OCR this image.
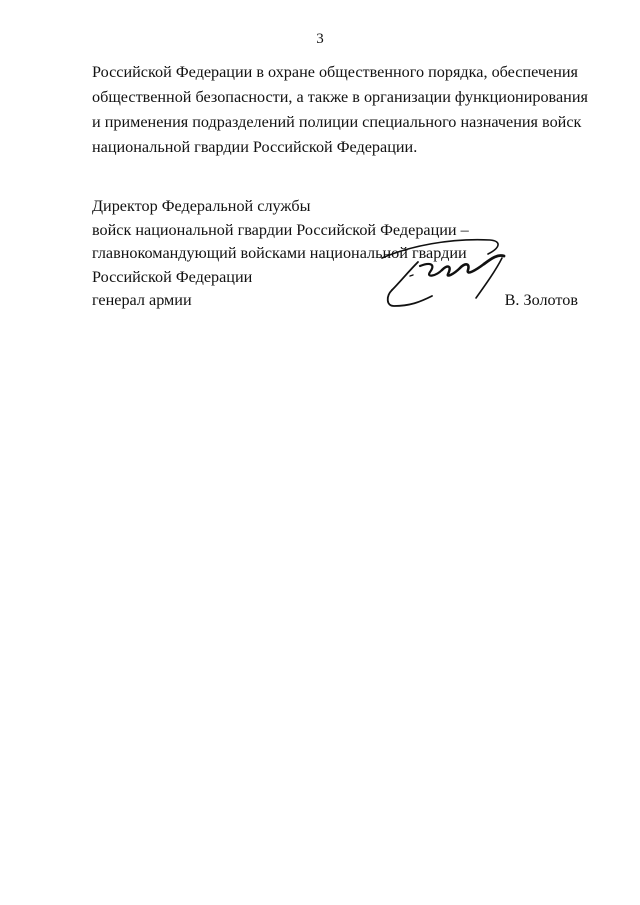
3
Российской Федерации в охране общественного порядка, обеспечения
общественной безопасности, а также в организации функционирования
и применения подразделений полиции специального назначения войск
национальной гвардии Российской Федерации.
Директор Федеральной службы
войск национальной гвардии Российской Федерации –
главнокомандующий войсками национальной гвардии
Российской Федерации
генерал армии	В. Золотов
